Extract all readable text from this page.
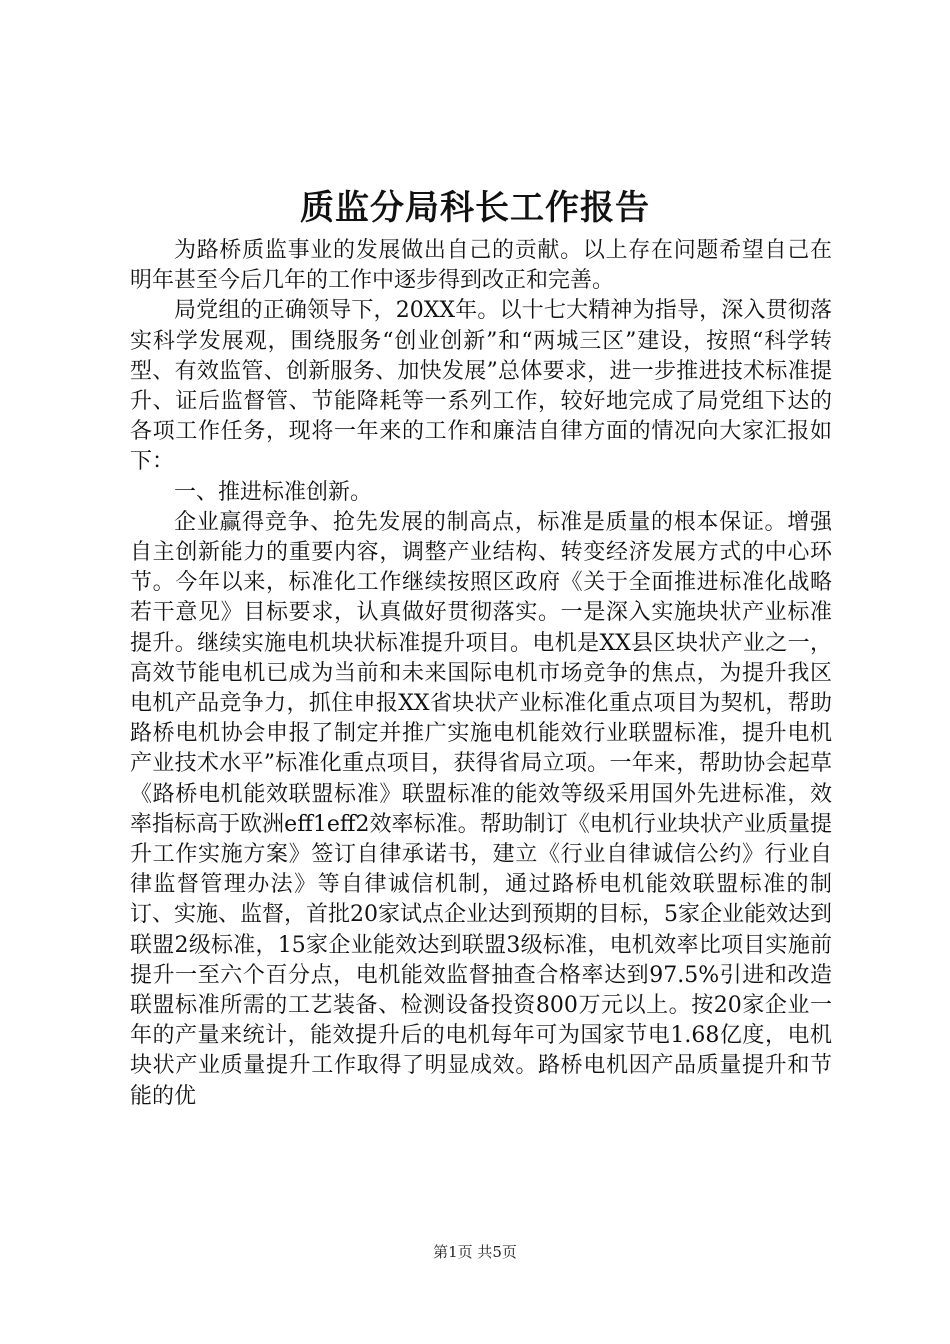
质监分局科长工作报告

为路桥质监事业的发展做出自己的贡献。以上存在问题希望自己在明年甚至今后几年的工作中逐步得到改正和完善。

局党组的正确领导下，20XX年。以十七大精神为指导，深入贯彻落实科学发展观，围绕服务“创业创新”和“两城三区”建设，按照“科学转型、有效监管、创新服务、加快发展”总体要求，进一步推进技术标准提升、证后监督管、节能降耗等一系列工作，较好地完成了局党组下达的各项工作任务，现将一年来的工作和廉洁自律方面的情况向大家汇报如下：

一、推进标准创新。

企业赢得竞争、抢先发展的制高点，标准是质量的根本保证。增强自主创新能力的重要内容，调整产业结构、转变经济发展方式的中心环节。今年以来，标准化工作继续按照区政府《关于全面推进标准化战略若干意见》目标要求，认真做好贯彻落实。一是深入实施块状产业标准提升。继续实施电机块状标准提升项目。电机是XX县区块状产业之一，高效节能电机已成为当前和未来国际电机市场竞争的焦点，为提升我区电机产品竞争力，抓住申报XX省块状产业标准化重点项目为契机，帮助路桥电机协会申报了制定并推广实施电机能效行业联盟标准，提升电机产业技术水平”标准化重点项目，获得省局立项。一年来，帮助协会起草《路桥电机能效联盟标准》联盟标准的能效等级采用国外先进标准，效率指标高于欧洲eff1eff2效率标准。帮助制订《电机行业块状产业质量提升工作实施方案》签订自律承诺书，建立《行业自律诚信公约》行业自律监督管理办法》等自律诚信机制，通过路桥电机能效联盟标准的制订、实施、监督，首批20家试点企业达到预期的目标，5家企业能效达到联盟2级标准，15家企业能效达到联盟3级标准，电机效率比项目实施前提升一至六个百分点，电机能效监督抽查合格率达到97.5%引进和改造联盟标准所需的工艺装备、检测设备投资800万元以上。按20家企业一年的产量来统计，能效提升后的电机每年可为国家节电1.68亿度，电机块状产业质量提升工作取得了明显成效。路桥电机因产品质量提升和节能的优

第1页 共5页
